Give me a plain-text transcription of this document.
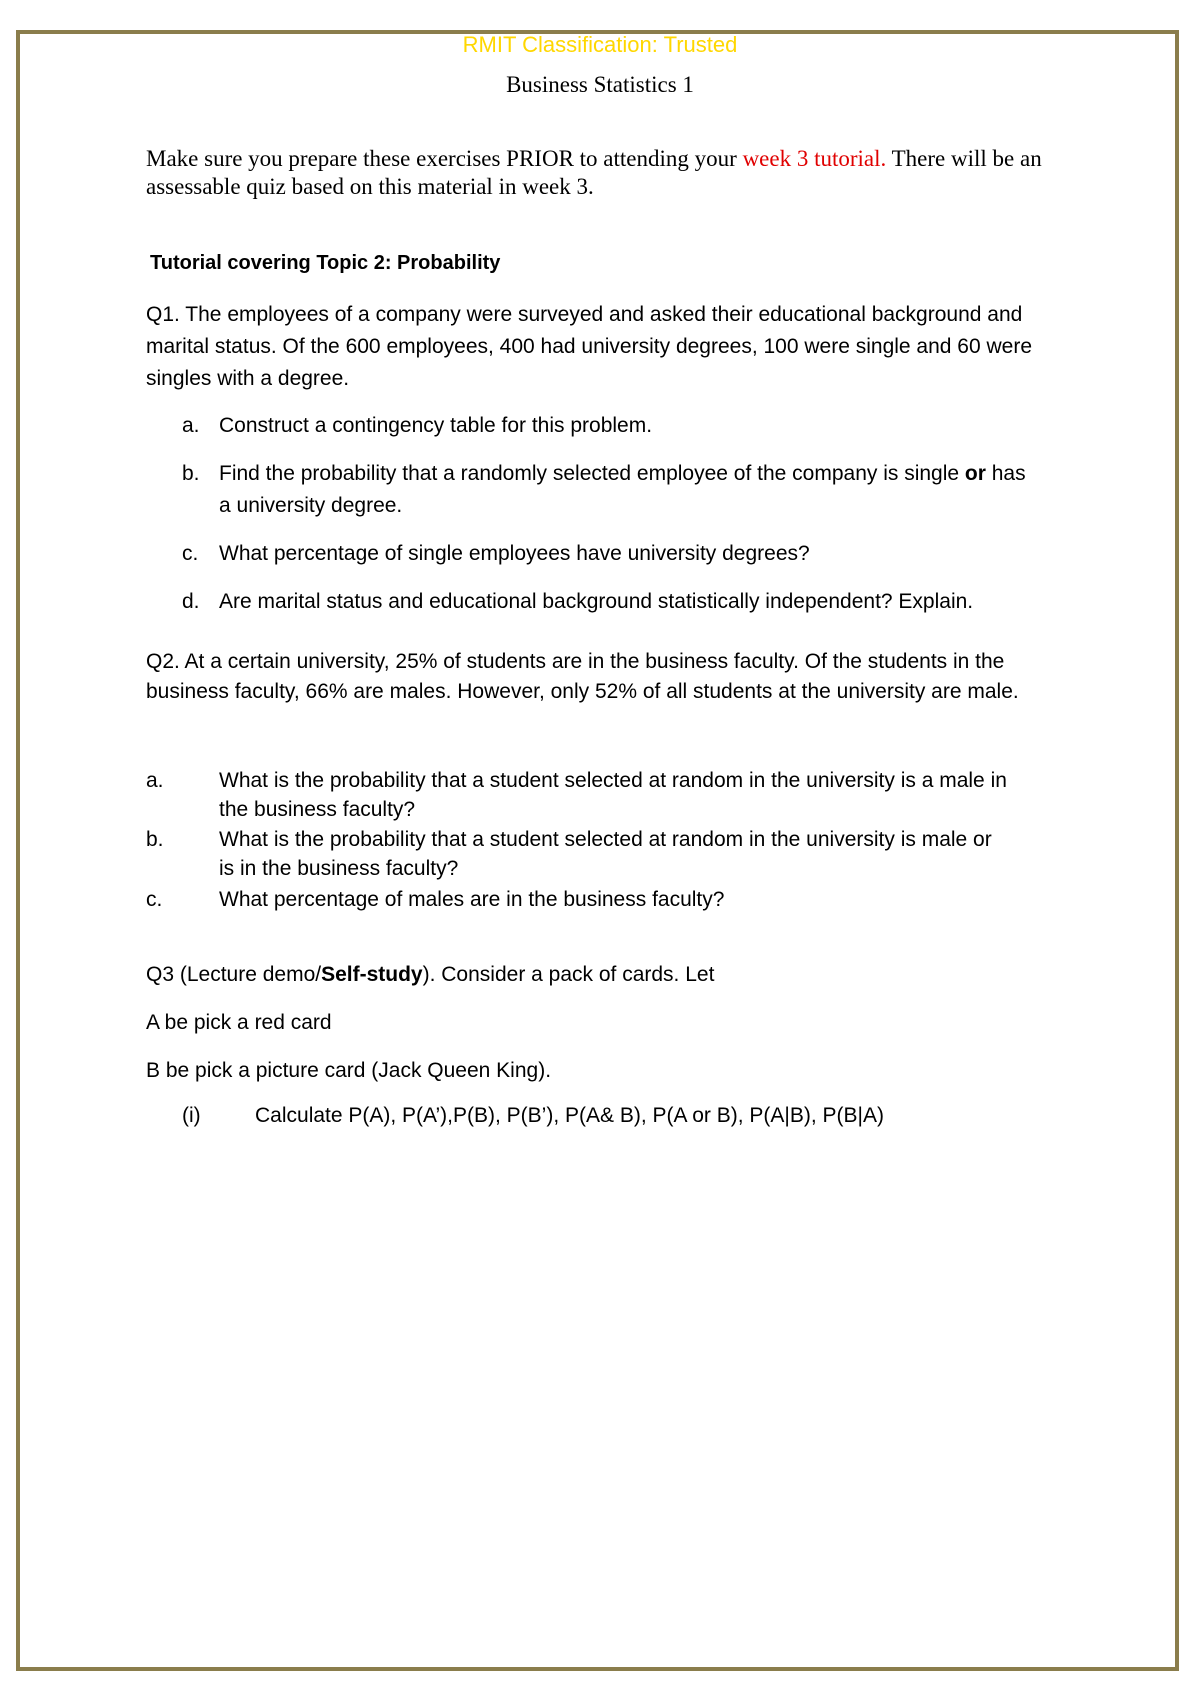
RMIT Classification: Trusted
Business Statistics 1
Make sure you prepare these exercises PRIOR to attending your week 3 tutorial. There will be an assessable quiz based on this material in week 3.
Tutorial covering Topic 2: Probability
Q1. The employees of a company were surveyed and asked their educational background and marital status. Of the 600 employees, 400 had university degrees, 100 were single and 60 were singles with a degree.
a. Construct a contingency table for this problem.
b. Find the probability that a randomly selected employee of the company is single or has a university degree.
c. What percentage of single employees have university degrees?
d. Are marital status and educational background statistically independent? Explain.
Q2. At a certain university, 25% of students are in the business faculty. Of the students in the business faculty, 66% are males. However, only 52% of all students at the university are male.
a.	What is the probability that a student selected at random in the university is a male in the business faculty?
b.	What is the probability that a student selected at random in the university is male or is in the business faculty?
c.	What percentage of males are in the business faculty?
Q3 (Lecture demo/Self-study). Consider a pack of cards. Let
A be pick a red card
B be pick a picture card (Jack Queen King).
(i)	Calculate P(A), P(A’),P(B), P(B’), P(A& B), P(A or B), P(A|B), P(B|A)
